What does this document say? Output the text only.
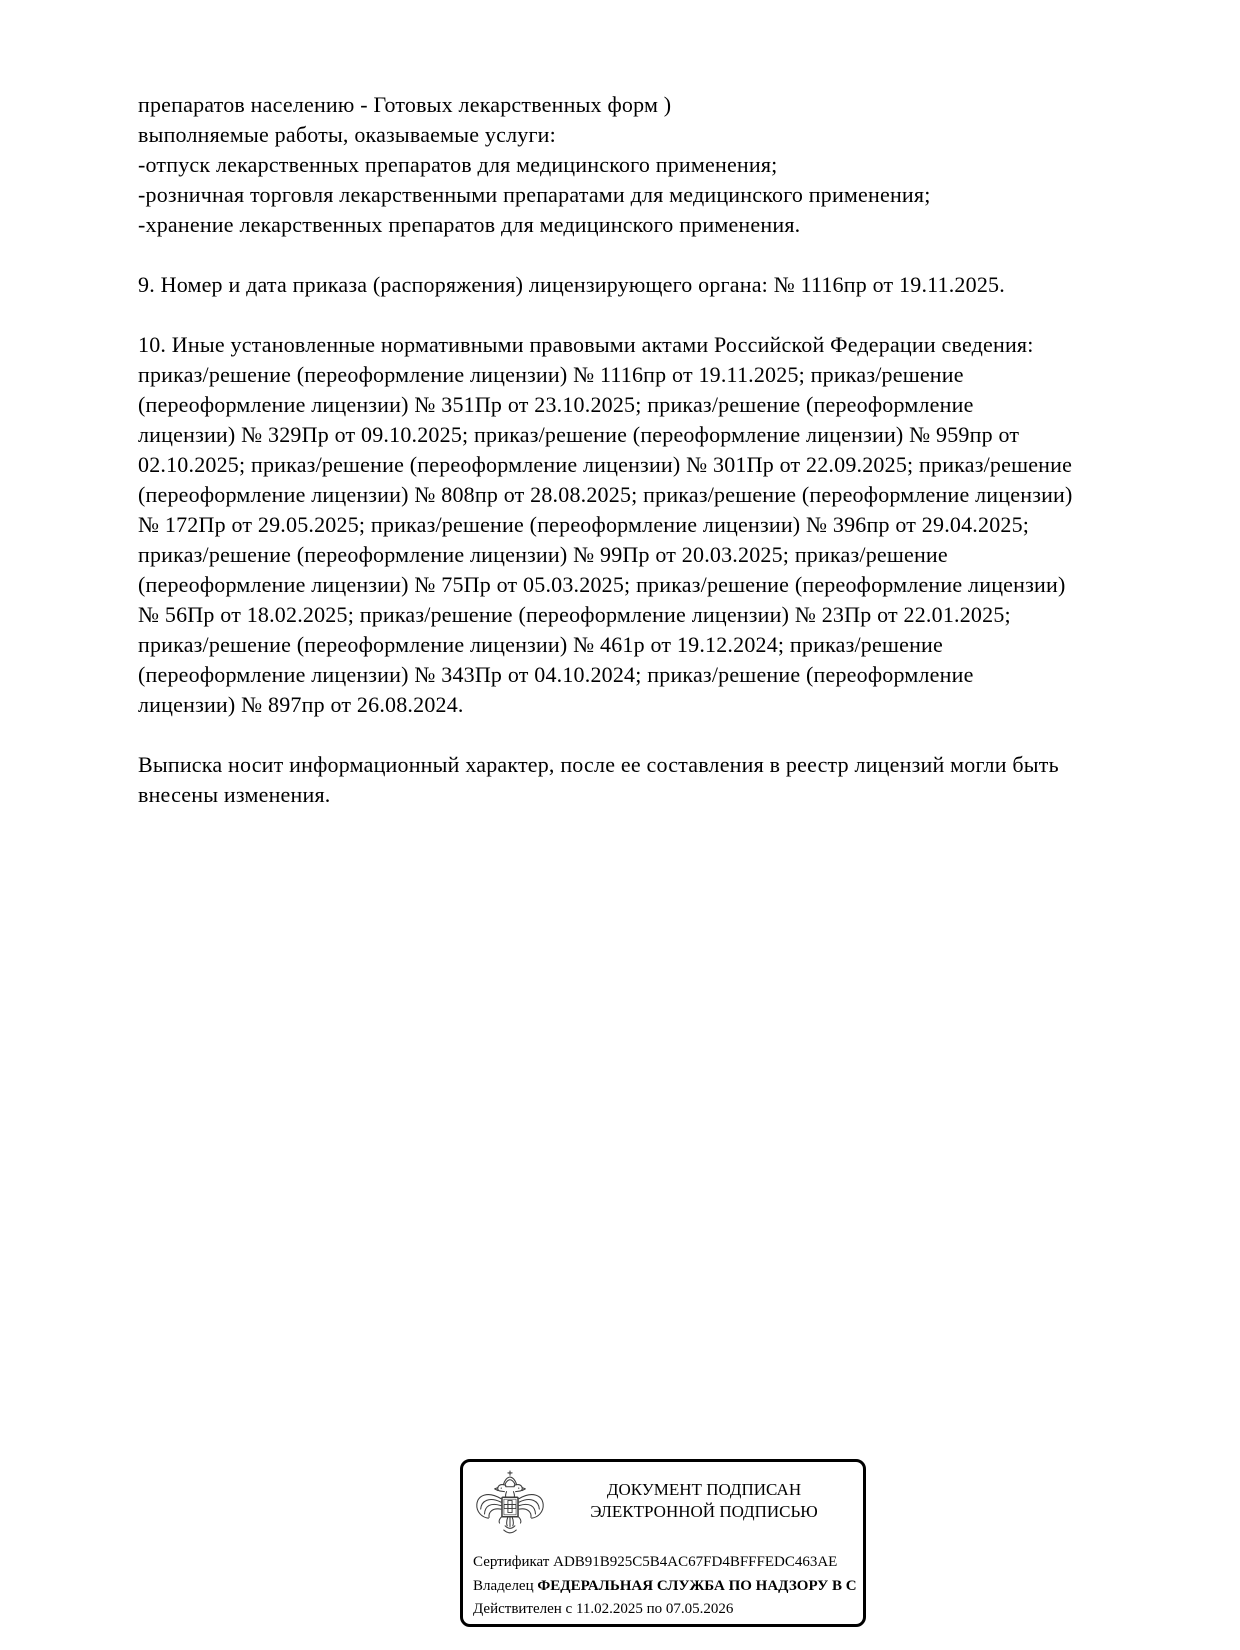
препаратов населению - Готовых лекарственных форм )
выполняемые работы, оказываемые услуги:
-отпуск лекарственных препаратов для медицинского применения;
-розничная торговля лекарственными препаратами для медицинского применения;
-хранение лекарственных препаратов для медицинского применения.
9. Номер и дата приказа (распоряжения) лицензирующего органа: № 1116пр от 19.11.2025.
10. Иные установленные нормативными правовыми актами Российской Федерации сведения:
приказ/решение (переоформление лицензии) № 1116пр от 19.11.2025; приказ/решение
(переоформление лицензии) № 351Пр от 23.10.2025; приказ/решение (переоформление
лицензии) № 329Пр от 09.10.2025; приказ/решение (переоформление лицензии) № 959пр от
02.10.2025; приказ/решение (переоформление лицензии) № 301Пр от 22.09.2025; приказ/решение
(переоформление лицензии) № 808пр от 28.08.2025; приказ/решение (переоформление лицензии)
№ 172Пр от 29.05.2025; приказ/решение (переоформление лицензии) № 396пр от 29.04.2025;
приказ/решение (переоформление лицензии) № 99Пр от 20.03.2025; приказ/решение
(переоформление лицензии) № 75Пр от 05.03.2025; приказ/решение (переоформление лицензии)
№ 56Пр от 18.02.2025; приказ/решение (переоформление лицензии) № 23Пр от 22.01.2025;
приказ/решение (переоформление лицензии) № 461р от 19.12.2024; приказ/решение
(переоформление лицензии) № 343Пр от 04.10.2024; приказ/решение (переоформление
лицензии) № 897пр от 26.08.2024.
Выписка носит информационный характер, после ее составления в реестр лицензий могли быть
внесены изменения.
ДОКУМЕНТ ПОДПИСАН
ЭЛЕКТРОННОЙ ПОДПИСЬЮ
Сертификат ADB91B925C5B4AC67FD4BFFFEDC463AE
Владелец ФЕДЕРАЛЬНАЯ СЛУЖБА ПО НАДЗОРУ В С
Действителен с 11.02.2025 по 07.05.2026
